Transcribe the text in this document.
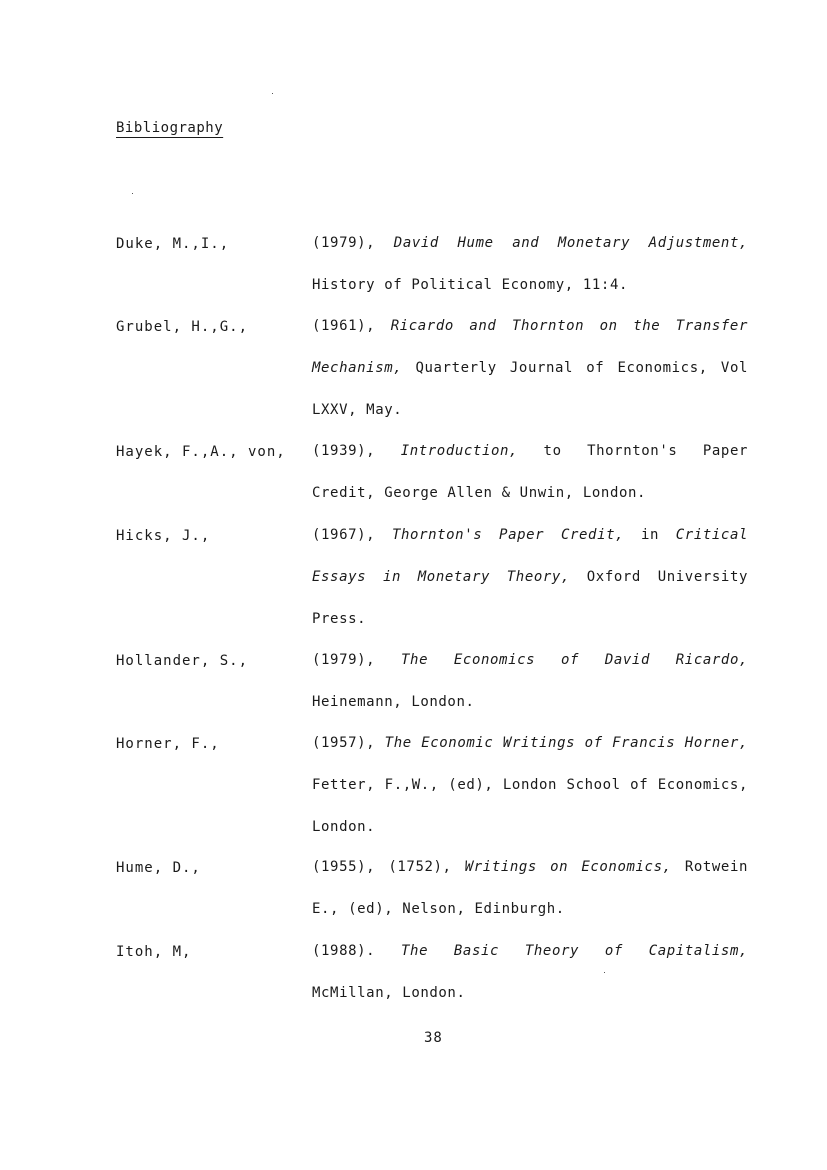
Bibliography
Duke, M.,I.,	(1979), David Hume and Monetary Adjustment, History of Political Economy, 11:4.
Grubel, H.,G.,	(1961), Ricardo and Thornton on the Transfer Mechanism, Quarterly Journal of Economics, Vol LXXV, May.
Hayek, F.,A., von, (1939), Introduction, to Thornton's Paper Credit, George Allen & Unwin, London.
Hicks, J.,	(1967), Thornton's Paper Credit, in Critical Essays in Monetary Theory, Oxford University Press.
Hollander, S.,	(1979), The Economics of David Ricardo, Heinemann, London.
Horner, F.,	(1957), The Economic Writings of Francis Horner, Fetter, F.,W., (ed), London School of Economics, London.
Hume, D.,	(1955), (1752), Writings on Economics, Rotwein E., (ed), Nelson, Edinburgh.
Itoh, M,	(1988). The Basic Theory of Capitalism, McMillan, London.
38
